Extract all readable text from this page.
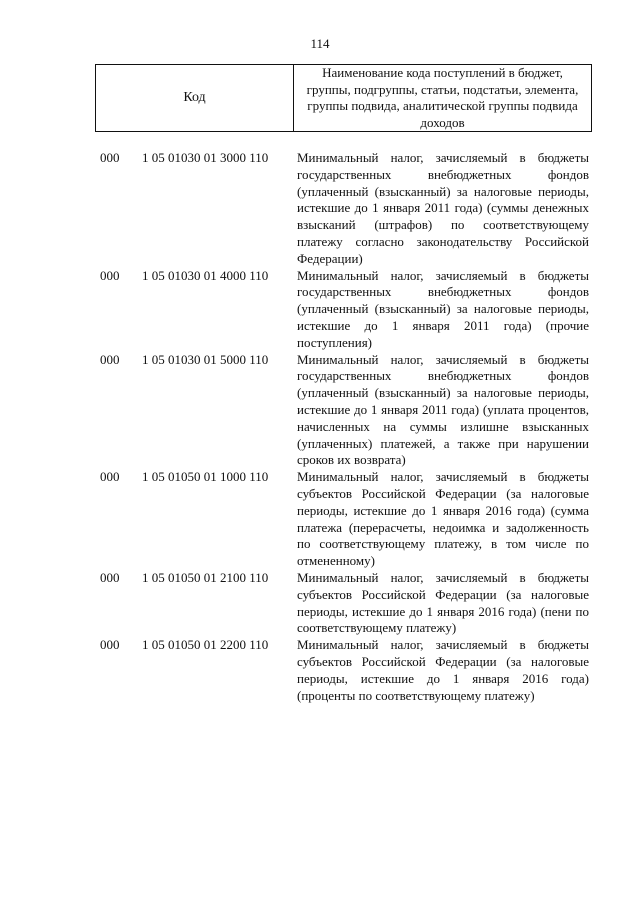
114
Код
Наименование кода поступлений в бюджет, группы, подгруппы, статьи, подстатьи, элемента, группы подвида, аналитической группы подвида доходов
000 1 05 01030 01 3000 110 Минимальный налог, зачисляемый в бюджеты государственных внебюджетных фондов (уплаченный (взысканный) за налоговые периоды, истекшие до 1 января 2011 года) (суммы денежных взысканий (штрафов) по соответствующему платежу согласно законодательству Российской Федерации)
000 1 05 01030 01 4000 110 Минимальный налог, зачисляемый в бюджеты государственных внебюджетных фондов (уплаченный (взысканный) за налоговые периоды, истекшие до 1 января 2011 года) (прочие поступления)
000 1 05 01030 01 5000 110 Минимальный налог, зачисляемый в бюджеты государственных внебюджетных фондов (уплаченный (взысканный) за налоговые периоды, истекшие до 1 января 2011 года) (уплата процентов, начисленных на суммы излишне взысканных (уплаченных) платежей, а также при нарушении сроков их возврата)
000 1 05 01050 01 1000 110 Минимальный налог, зачисляемый в бюджеты субъектов Российской Федерации (за налоговые периоды, истекшие до 1 января 2016 года) (сумма платежа (перерасчеты, недоимка и задолженность по соответствующему платежу, в том числе по отмененному)
000 1 05 01050 01 2100 110 Минимальный налог, зачисляемый в бюджеты субъектов Российской Федерации (за налоговые периоды, истекшие до 1 января 2016 года) (пени по соответствующему платежу)
000 1 05 01050 01 2200 110 Минимальный налог, зачисляемый в бюджеты субъектов Российской Федерации (за налоговые периоды, истекшие до 1 января 2016 года) (проценты по соответствующему платежу)
